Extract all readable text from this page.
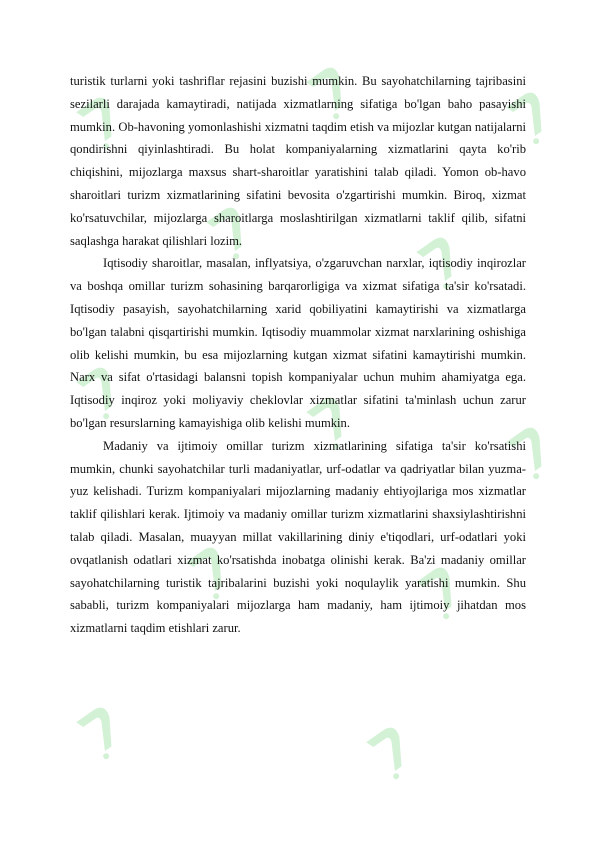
turistik turlarni yoki tashriflar rejasini buzishi mumkin. Bu sayohatchilarning tajribasini sezilarli darajada kamaytiradi, natijada xizmatlarning sifatiga bo'lgan baho pasayishi mumkin. Ob-havoning yomonlashishi xizmatni taqdim etish va mijozlar kutgan natijalarni qondirishni qiyinlashtiradi. Bu holat kompaniyalarning xizmatlarini qayta ko'rib chiqishini, mijozlarga maxsus shart-sharoitlar yaratishini talab qiladi. Yomon ob-havo sharoitlari turizm xizmatlarining sifatini bevosita o'zgartirishi mumkin. Biroq, xizmat ko'rsatuvchilar, mijozlarga sharoitlarga moslashtirilgan xizmatlarni taklif qilib, sifatni saqlashga harakat qilishlari lozim.

Iqtisodiy sharoitlar, masalan, inflyatsiya, o'zgaruvchan narxlar, iqtisodiy inqirozlar va boshqa omillar turizm sohasining barqarorligiga va xizmat sifatiga ta'sir ko'rsatadi. Iqtisodiy pasayish, sayohatchilarning xarid qobiliyatini kamaytirishi va xizmatlarga bo'lgan talabni qisqartirishi mumkin. Iqtisodiy muammolar xizmat narxlarining oshishiga olib kelishi mumkin, bu esa mijozlarning kutgan xizmat sifatini kamaytirishi mumkin. Narx va sifat o'rtasidagi balansni topish kompaniyalar uchun muhim ahamiyatga ega. Iqtisodiy inqiroz yoki moliyaviy cheklovlar xizmatlar sifatini ta'minlash uchun zarur bo'lgan resurslarning kamayishiga olib kelishi mumkin.

Madaniy va ijtimoiy omillar turizm xizmatlarining sifatiga ta'sir ko'rsatishi mumkin, chunki sayohatchilar turli madaniyatlar, urf-odatlar va qadriyatlar bilan yuzma-yuz kelishadi. Turizm kompaniyalari mijozlarning madaniy ehtiyojlariga mos xizmatlar taklif qilishlari kerak. Ijtimoiy va madaniy omillar turizm xizmatlarini shaxsiylashtirishni talab qiladi. Masalan, muayyan millat vakillarining diniy e'tiqodlari, urf-odatlari yoki ovqatlanish odatlari xizmat ko'rsatishda inobatga olinishi kerak. Ba'zi madaniy omillar sayohatchilarning turistik tajribalarini buzishi yoki noqulaylik yaratishi mumkin. Shu sababli, turizm kompaniyalari mijozlarga ham madaniy, ham ijtimoiy jihatdan mos xizmatlarni taqdim etishlari zarur.
